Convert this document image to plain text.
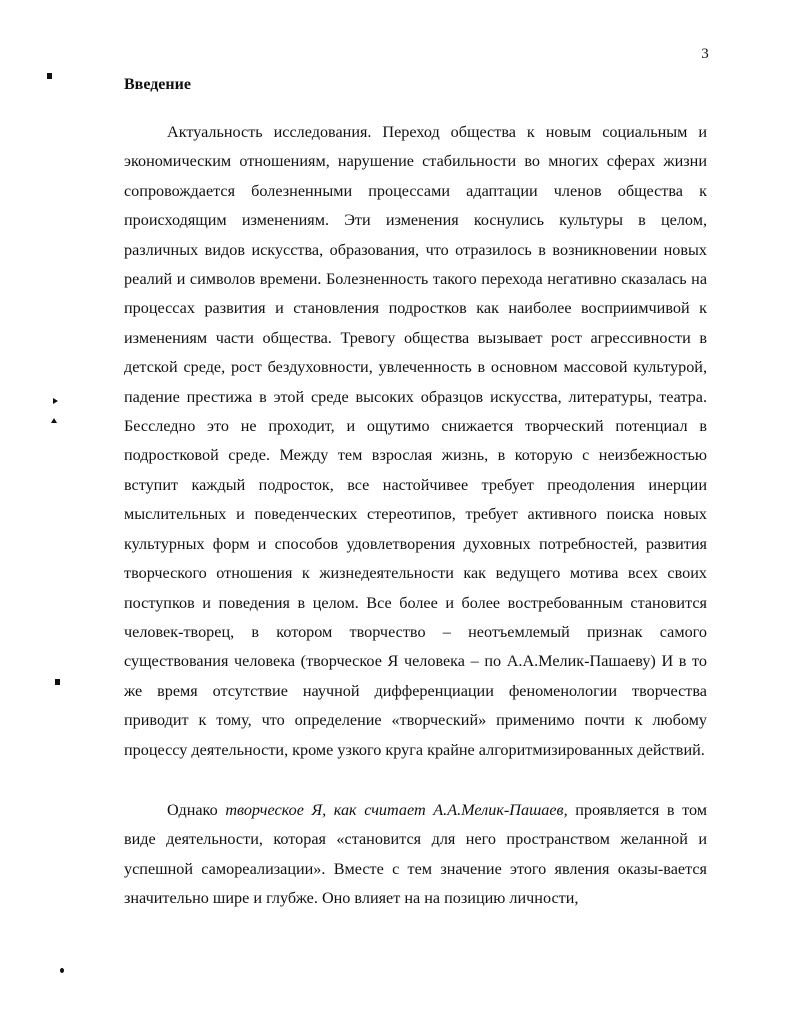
3
Введение

Актуальность исследования. Переход общества к новым социальным и экономическим отношениям, нарушение стабильности во многих сферах жизни сопровождается болезненными процессами адаптации членов общества к происходящим изменениям. Эти изменения коснулись культуры в целом, различных видов искусства, образования, что отразилось в возникновении новых реалий и символов времени. Болезненность такого перехода негативно сказалась на процессах развития и становления подростков как наиболее восприимчивой к изменениям части общества. Тревогу общества вызывает рост агрессивности в детской среде, рост бездуховности, увлеченность в основном массовой культурой, падение престижа в этой среде высоких образцов искусства, литературы, театра. Бесследно это не проходит, и ощутимо снижается творческий потенциал в подростковой среде. Между тем взрослая жизнь, в которую с неизбежностью вступит каждый подросток, все настойчивее требует преодоления инерции мыслительных и поведенческих стереотипов, требует активного поиска новых культурных форм и способов удовлетворения духовных потребностей, развития творческого отношения к жизнедеятельности как ведущего мотива всех своих поступков и поведения в целом. Все более и более востребованным становится человек-творец, в котором творчество – неотъемлемый признак самого существования человека (творческое Я человека – по А.А.Мелик-Пашаеву) И в то же время отсутствие научной дифференциации феноменологии творчества приводит к тому, что определение «творческий» применимо почти к любому процессу деятельности, кроме узкого круга крайне алгоритмизированных действий.

Однако творческое Я, как считает А.А.Мелик-Пашаев, проявляется в том виде деятельности, которая «становится для него пространством желанной и успешной самореализации». Вместе с тем значение этого явления оказы-вается значительно шире и глубже. Оно влияет на на позицию личности,
